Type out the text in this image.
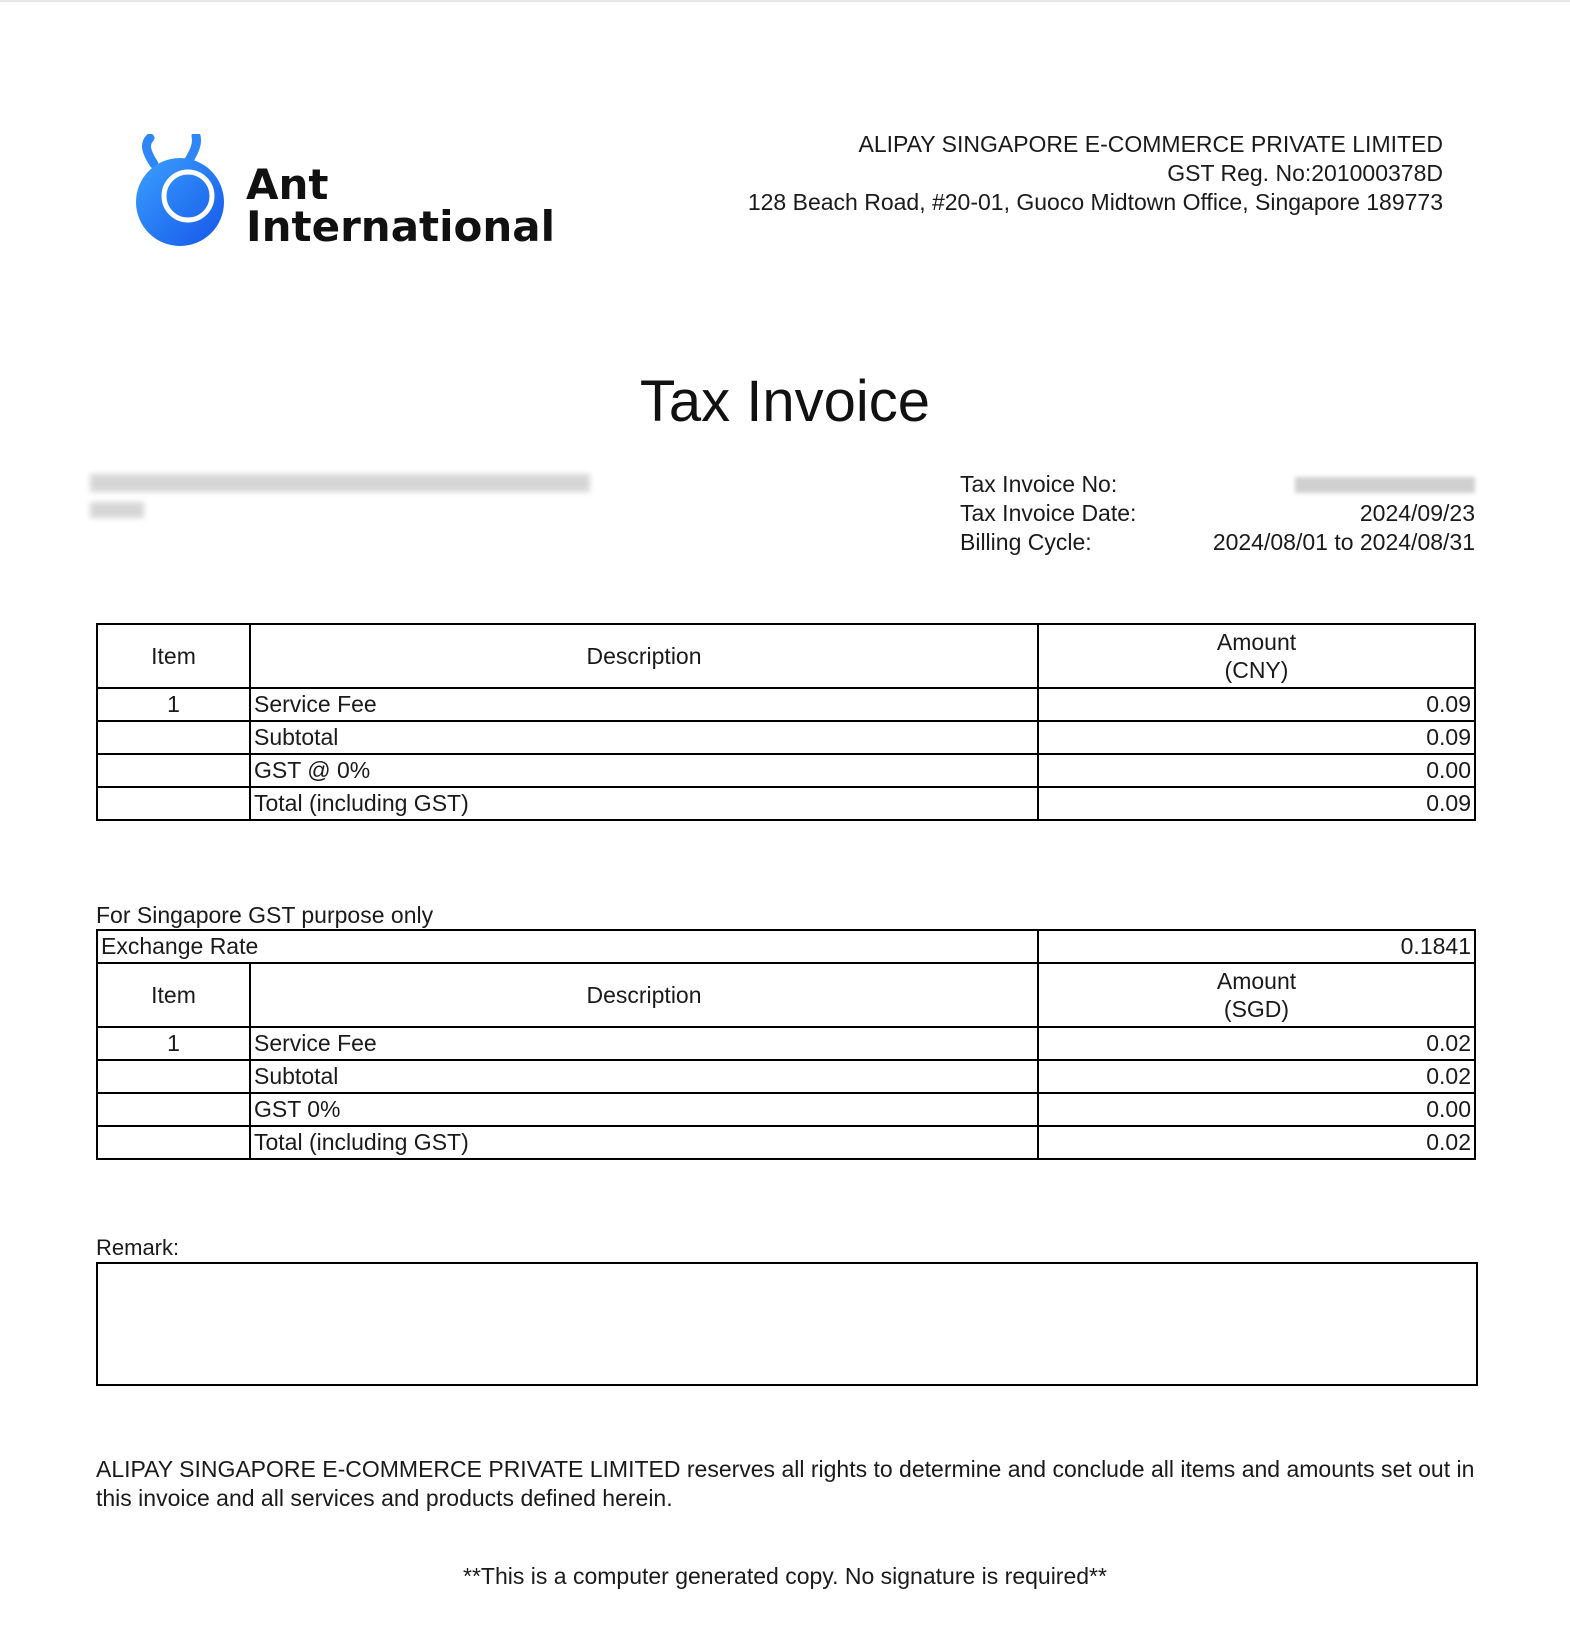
Ant
International
ALIPAY SINGAPORE E-COMMERCE PRIVATE LIMITED
GST Reg. No:201000378D
128 Beach Road, #20-01, Guoco Midtown Office, Singapore 189773
Tax Invoice
Tax Invoice No:
Tax Invoice Date:	2024/09/23
Billing Cycle:	2024/08/01 to 2024/08/31
Item	Description	Amount
(CNY)

1	Service Fee	0.09
	Subtotal	0.09
	GST @ 0%	0.00
	Total (including GST)	0.09
For Singapore GST purpose only
Exchange Rate		0.1841
Item	Description	Amount
(SGD)

1	Service Fee	0.02
	Subtotal	0.02
	GST 0%	0.00
	Total (including GST)	0.02
Remark:
ALIPAY SINGAPORE E-COMMERCE PRIVATE LIMITED reserves all rights to determine and conclude all items and amounts set out in this invoice and all services and products defined herein.
**This is a computer generated copy. No signature is required**
